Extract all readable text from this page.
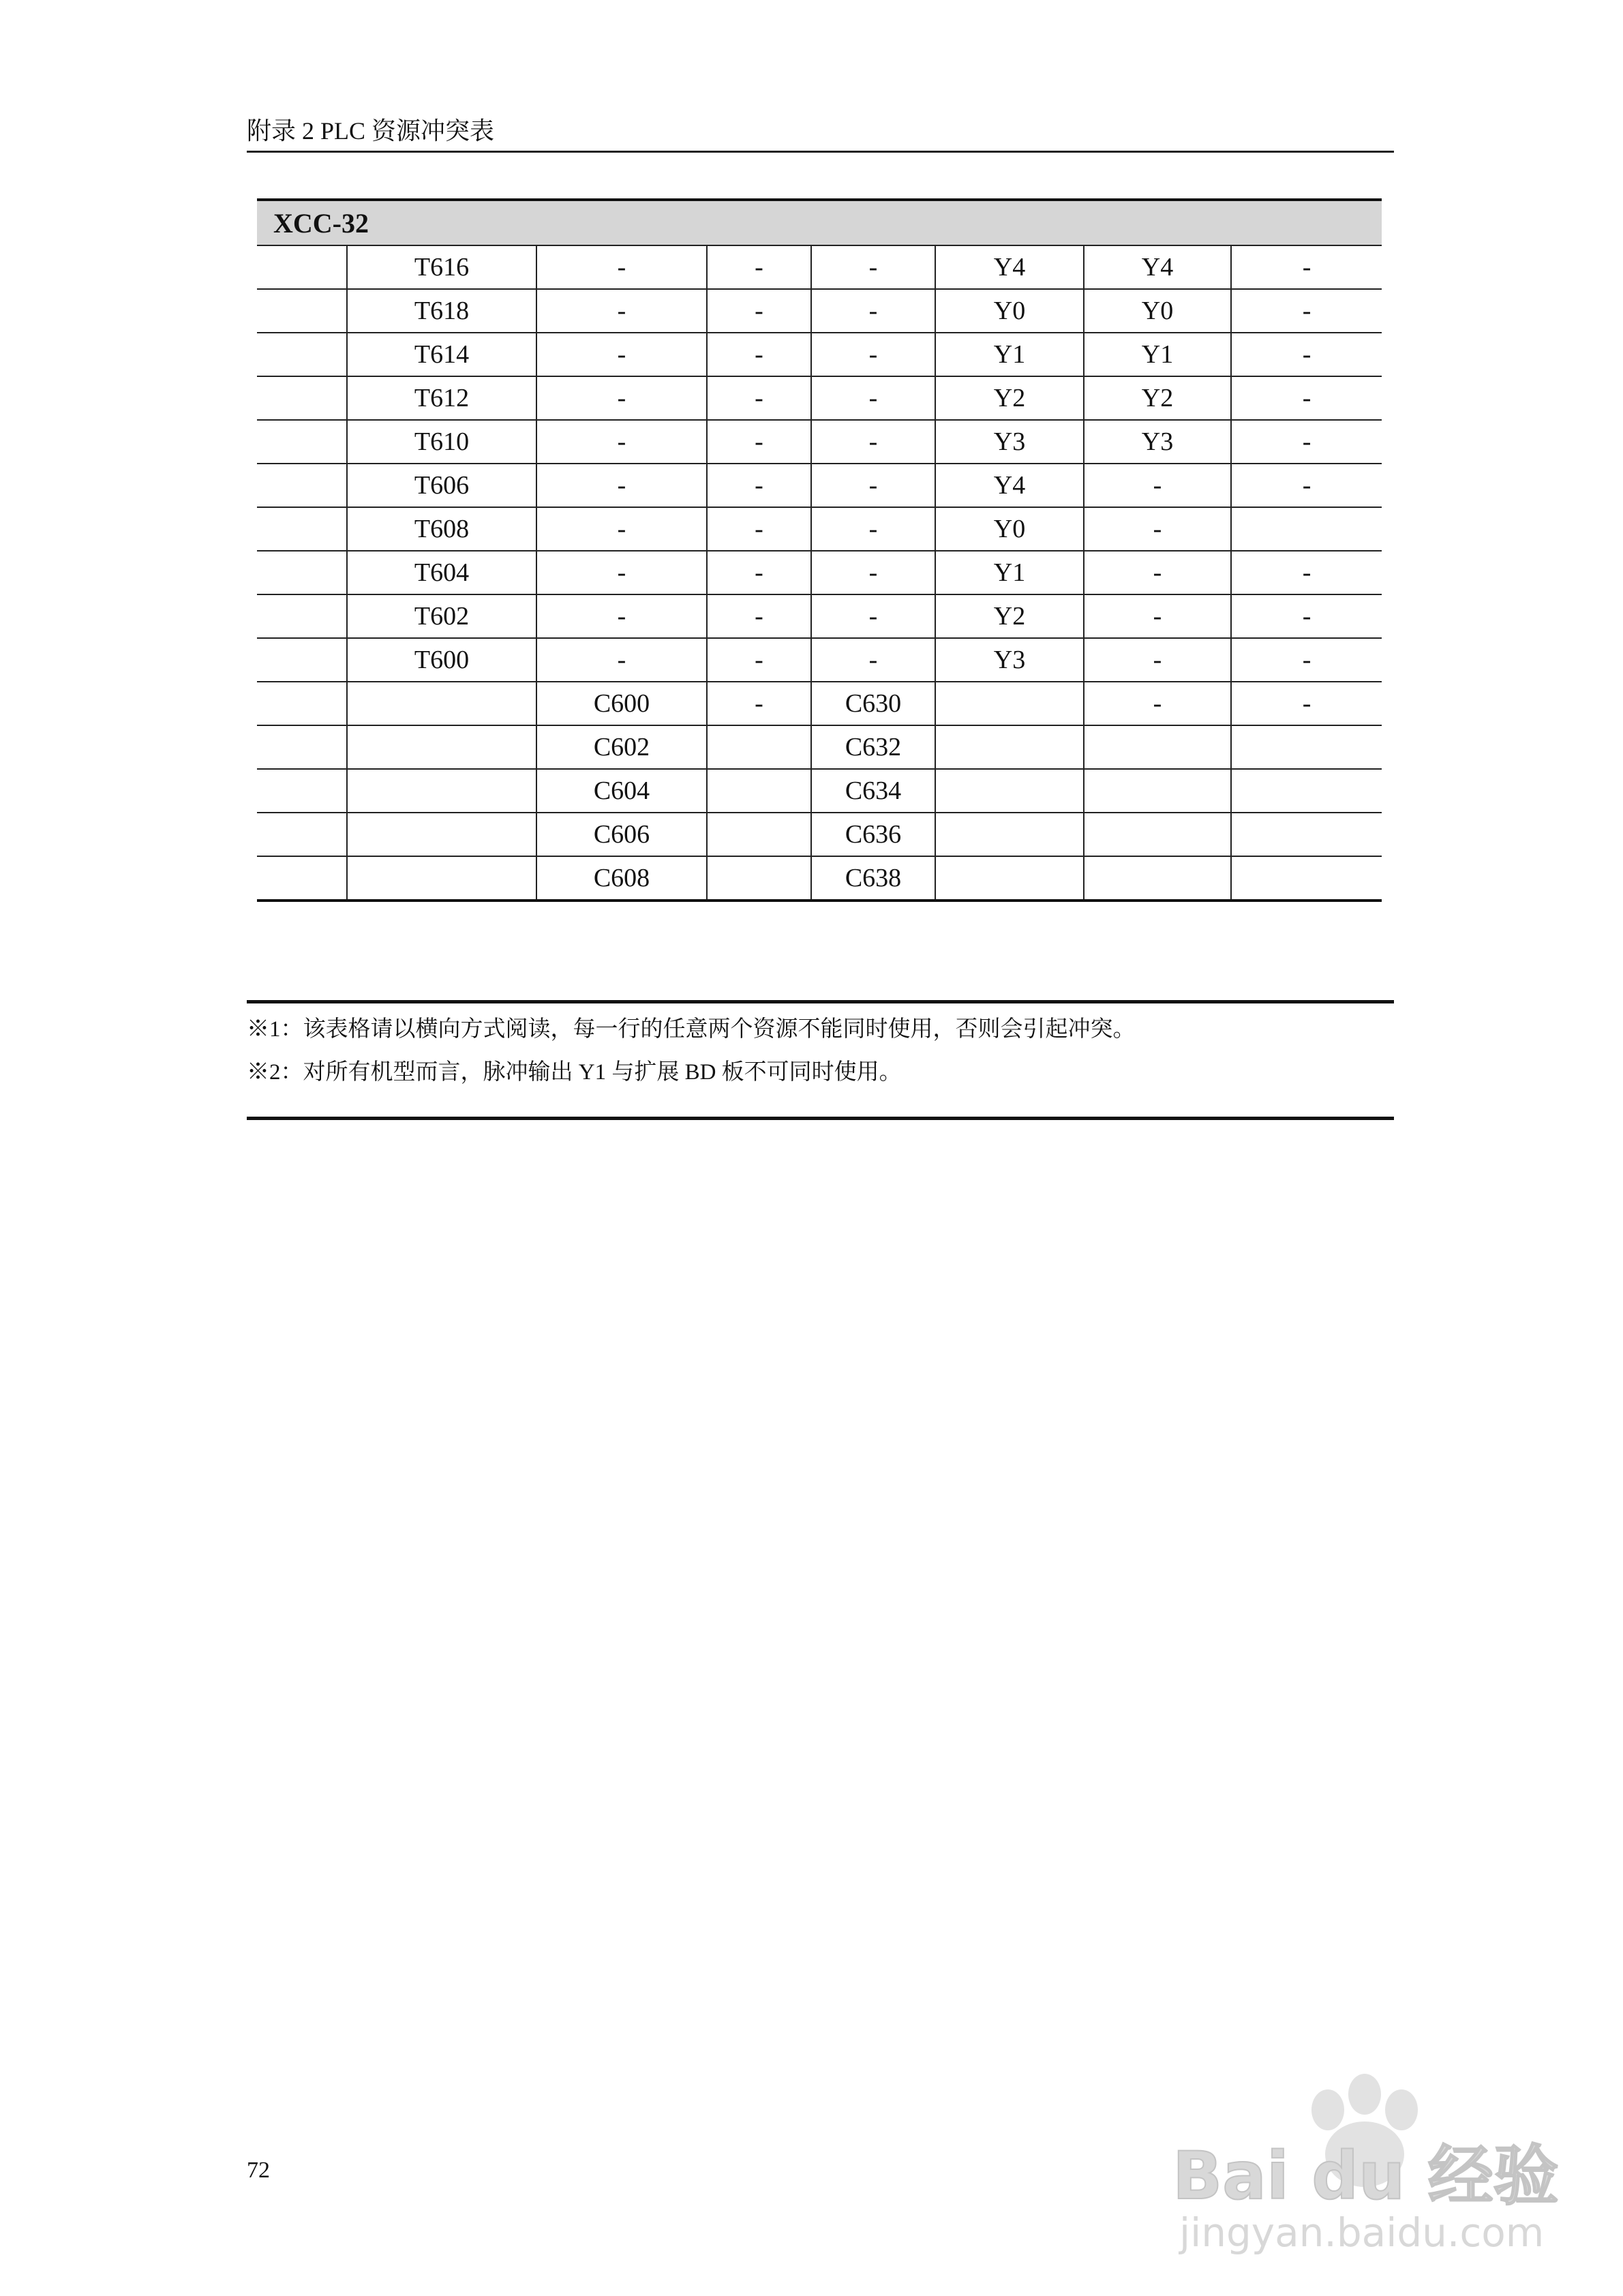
附录 2 PLC 资源冲突表
XCC-32							
	T616	-	-	-	Y4	Y4	-
	T618	-	-	-	Y0	Y0	-
	T614	-	-	-	Y1	Y1	-
	T612	-	-	-	Y2	Y2	-
	T610	-	-	-	Y3	Y3	-
	T606	-	-	-	Y4	-	-
	T608	-	-	-	Y0	-	
	T604	-	-	-	Y1	-	-
	T602	-	-	-	Y2	-	-
	T600	-	-	-	Y3	-	-
		C600	-	C630		-	-
		C602		C632			
		C604		C634			
		C606		C636			
		C608		C638			

※1：该表格请以横向方式阅读，每一行的任意两个资源不能同时使用，否则会引起冲突。

※2：对所有机型而言，脉冲输出 Y1 与扩展 BD 板不可同时使用。

72	Bai du 经验
jingyan.baidu.com
